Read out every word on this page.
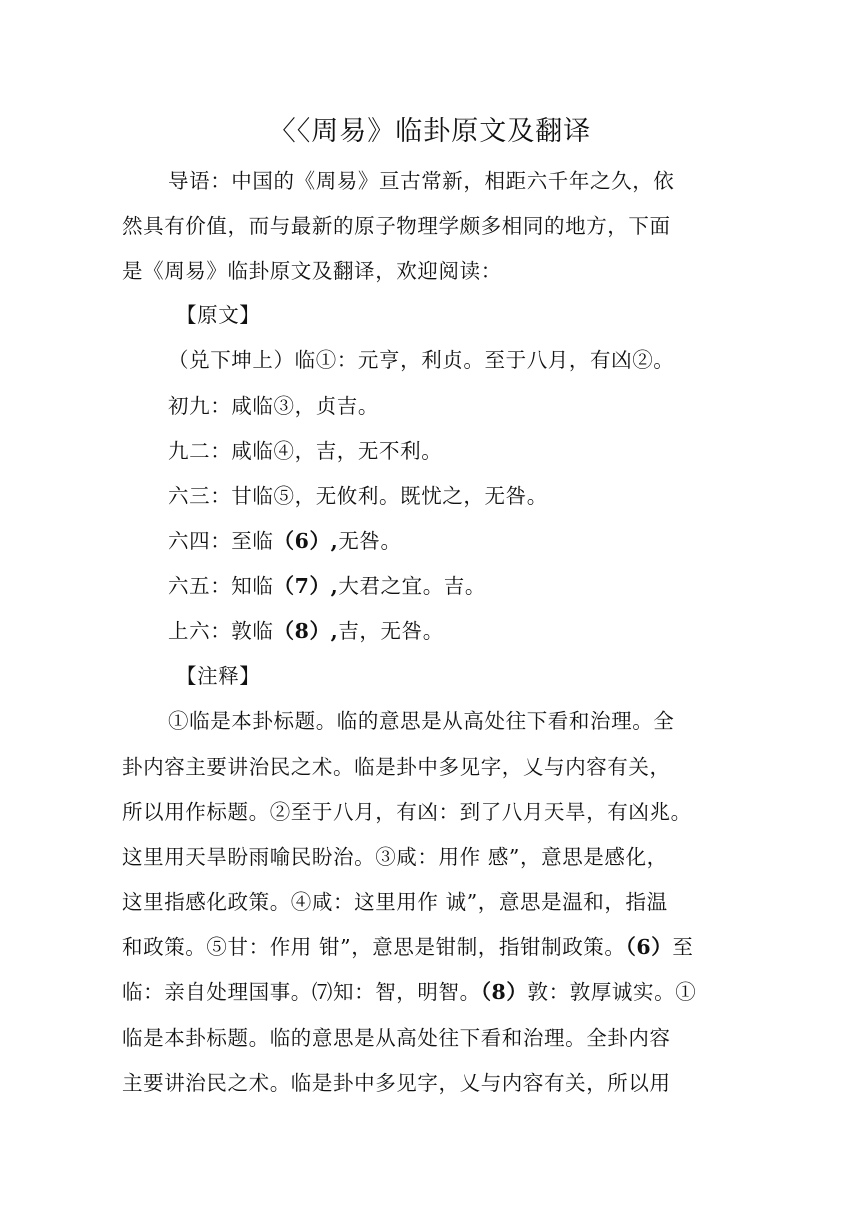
〈〈周易》临卦原文及翻译
导语：中国的《周易》亘古常新，相距六千年之久，依
然具有价值，而与最新的原子物理学颇多相同的地方，下面
是《周易》临卦原文及翻译，欢迎阅读：
【原文】
（兑下坤上）临①：元亨，利贞。至于八月，有凶②。
初九：咸临③，贞吉。
九二：咸临④，吉，无不利。
六三：甘临⑤，无攸利。既忧之，无咎。
六四：至临（6）,无咎。
六五：知临（7）,大君之宜。吉。
上六：敦临（8）,吉，无咎。
【注释】
①临是本卦标题。临的意思是从高处往下看和治理。全
卦内容主要讲治民之术。临是卦中多见字，乂与内容有关，
所以用作标题。②至于八月，有凶：到了八月天旱，有凶兆。
这里用天旱盼雨喻民盼治。③咸：用作 感”，意思是感化，
这里指感化政策。④咸：这里用作 诚”，意思是温和，指温
和政策。⑤甘：作用 钳”，意思是钳制，指钳制政策。（6）至
临：亲自处理国事。⑺知：智，明智。（8）敦：敦厚诚实。①
临是本卦标题。临的意思是从高处往下看和治理。全卦内容
主要讲治民之术。临是卦中多见字，乂与内容有关，所以用
